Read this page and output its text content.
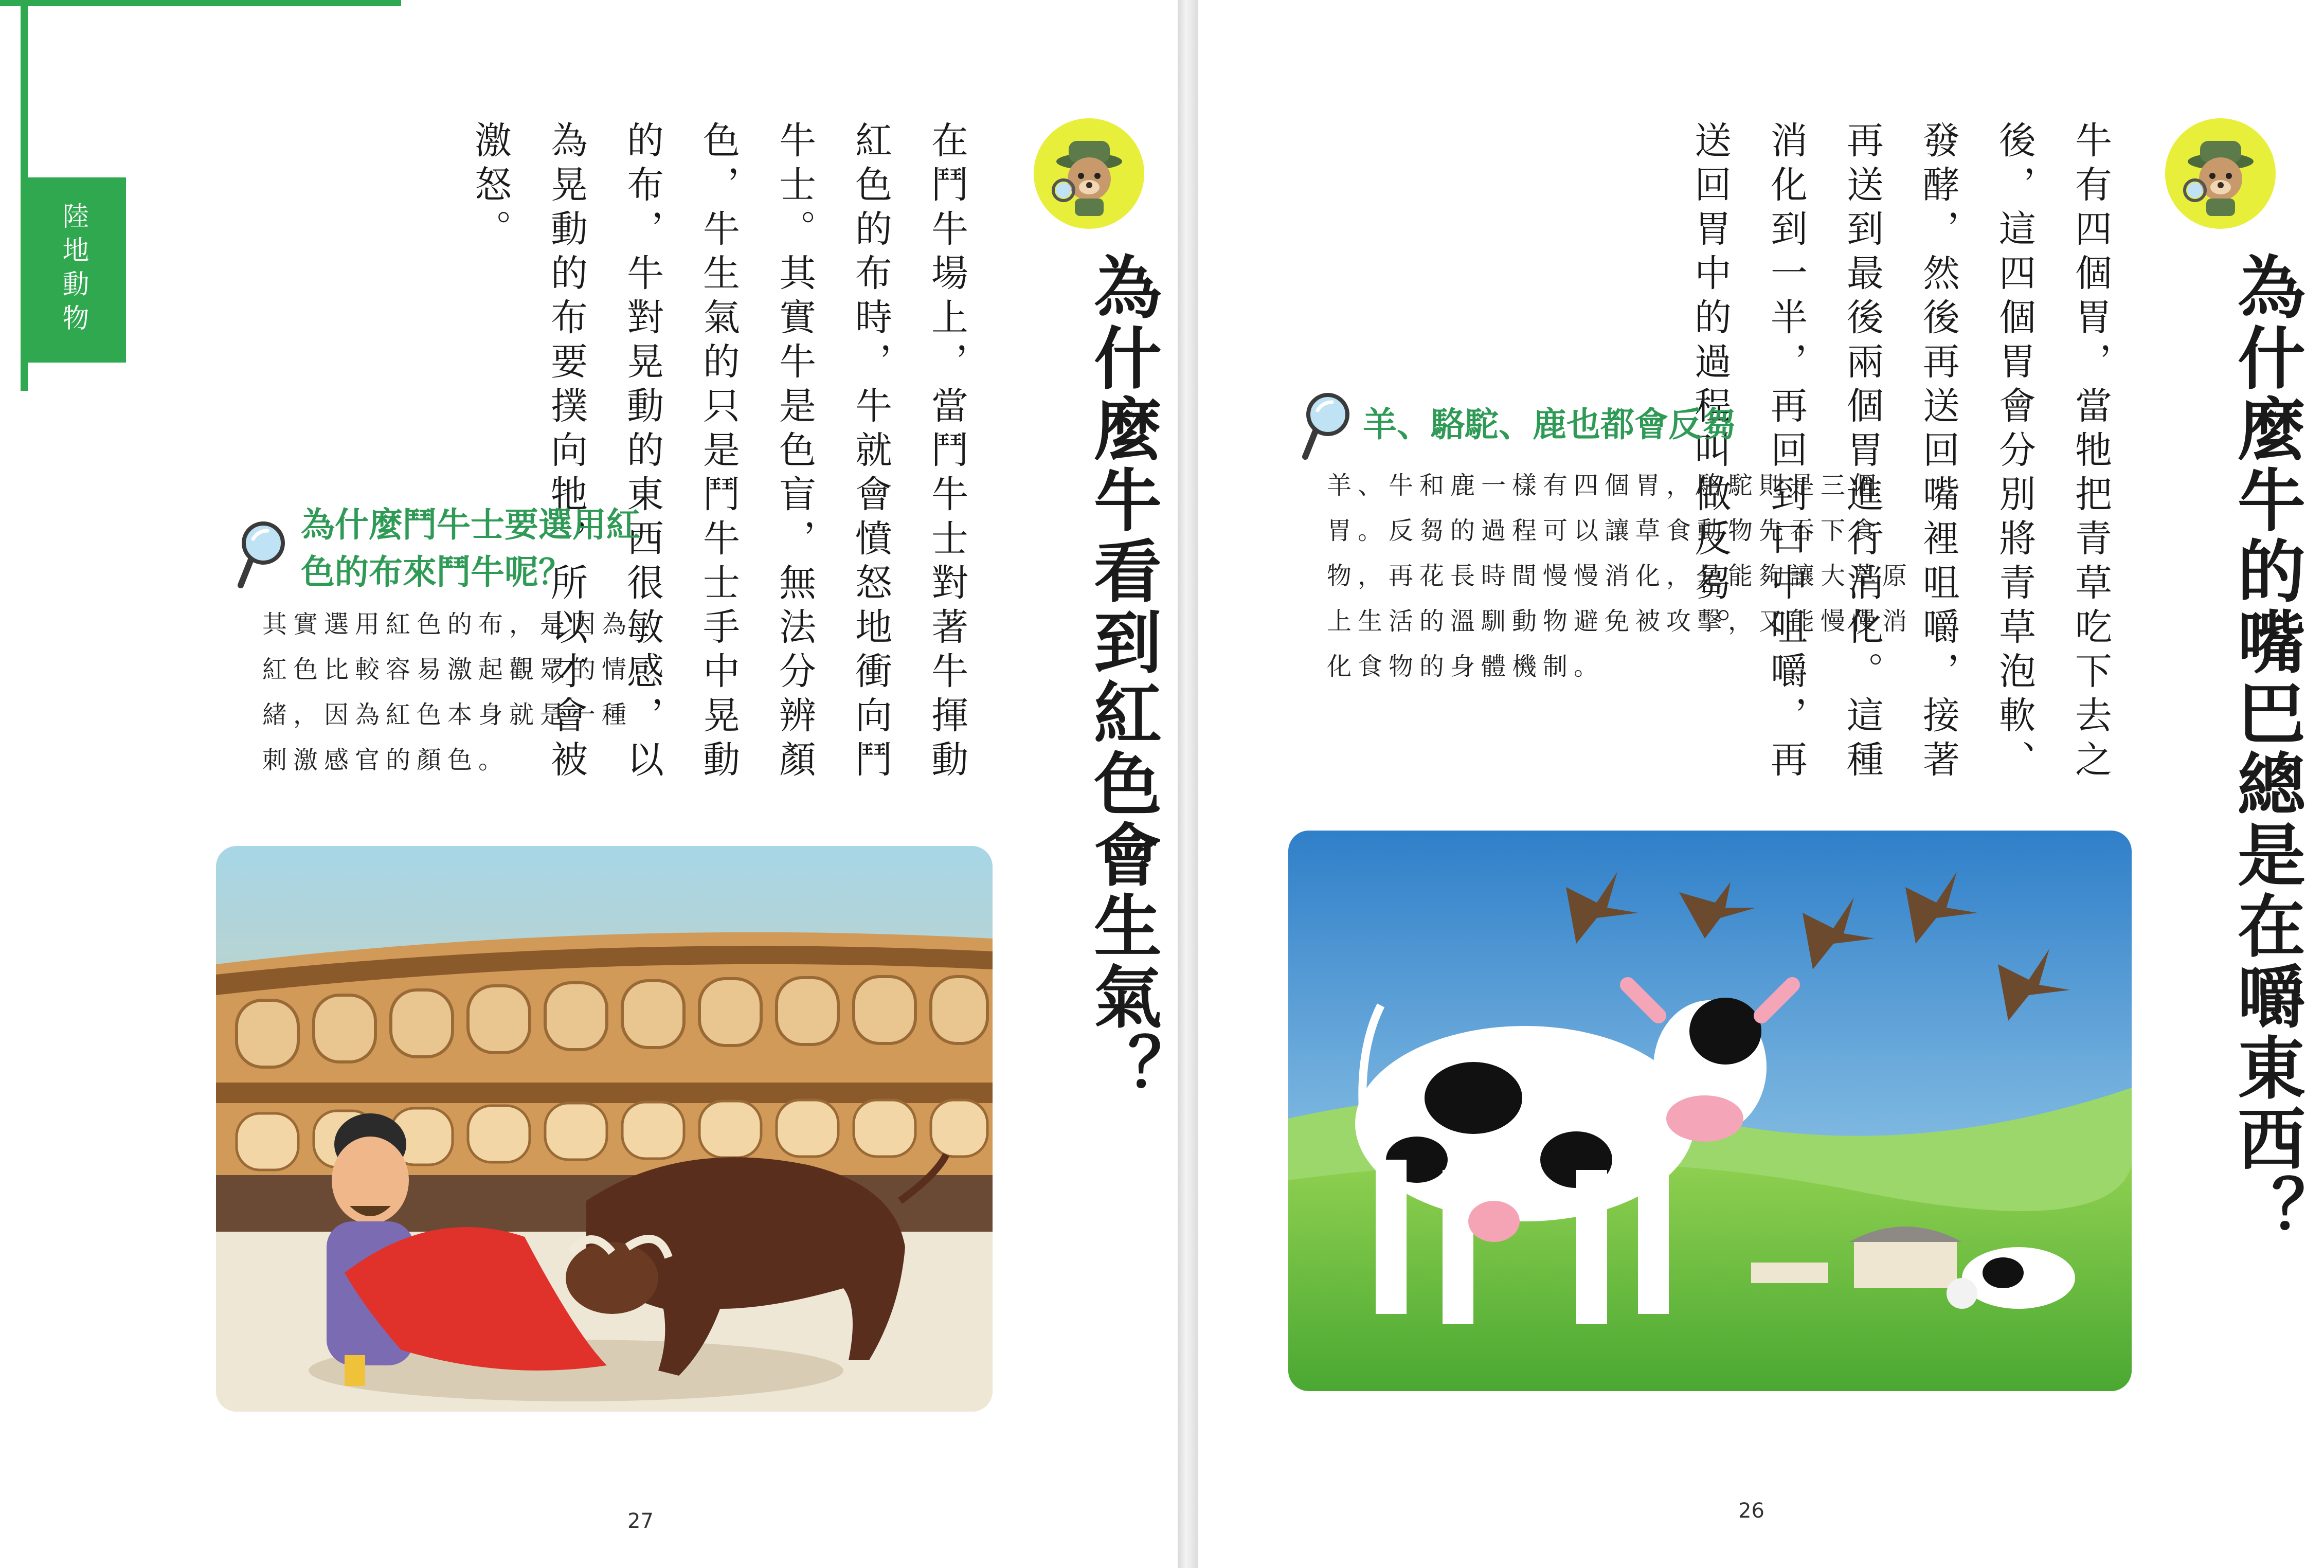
陸地動物	為什麼牛看到紅色會生氣？
在鬥牛場上，當鬥牛士對著牛揮動紅色的布時，牛就會憤怒地衝向鬥牛士。其實牛是色盲，無法分辨顏色，牛生氣的只是鬥牛士手中晃動的布，牛對晃動的東西很敏感，以為晃動的布要撲向牠，所以才會被激怒。
為什麼鬥牛士要選用紅色的布來鬥牛呢？
其實選用紅色的布，是因為紅色比較容易激起觀眾的情緒，因為紅色本身就是一種刺激感官的顏色。
27
為什麼牛的嘴巴總是在嚼東西？
牛有四個胃，當牠把青草吃下去之後，這四個胃會分別將青草泡軟、發酵，然後再送回嘴裡咀嚼，接著再送到最後兩個胃進行消化。這種消化到一半，再回到口中咀嚼，再送回胃中的過程叫做反芻。
羊、駱駝、鹿也都會反芻
羊、牛和鹿一樣有四個胃，駱駝則是三個胃。反芻的過程可以讓草食動物先吞下食物，再花長時間慢慢消化，是能夠讓大草原上生活的溫馴動物避免被攻擊，又能慢慢消化食物的身體機制。
26
